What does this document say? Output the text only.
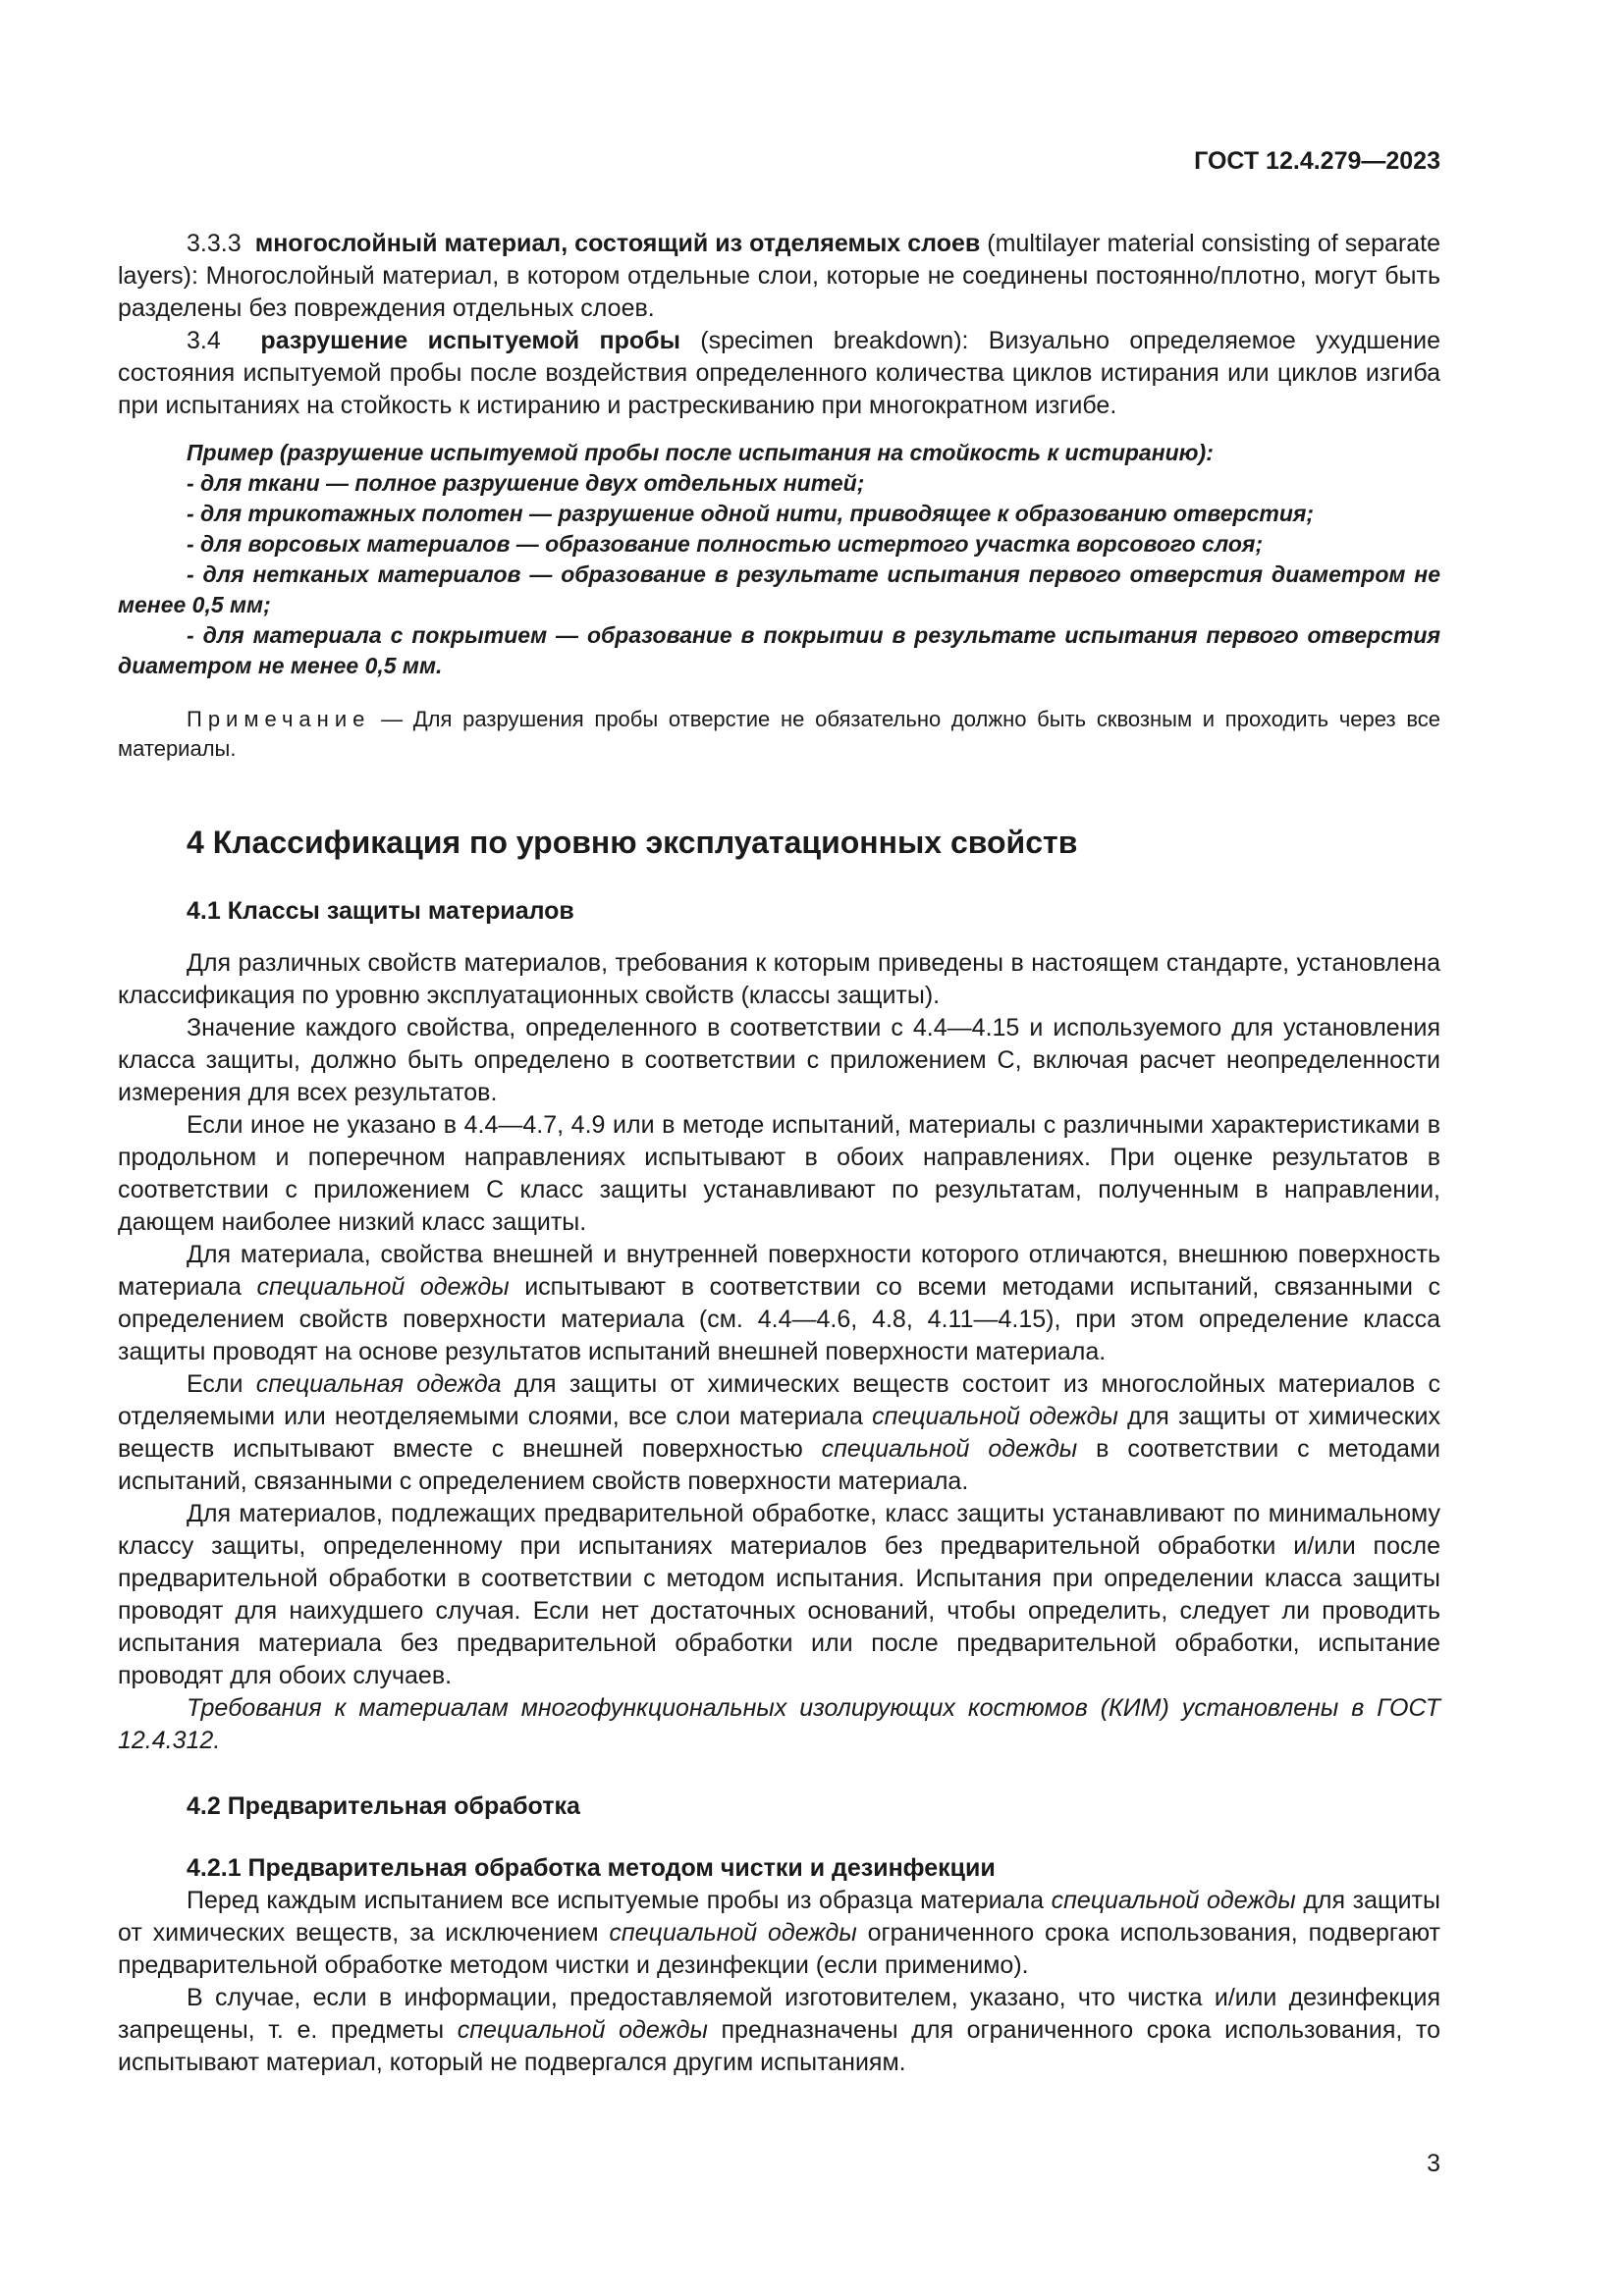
ГОСТ 12.4.279—2023

3.3.3 многослойный материал, состоящий из отделяемых слоев (multilayer material consisting of separate layers): Многослойный материал, в котором отдельные слои, которые не соединены постоянно/плотно, могут быть разделены без повреждения отдельных слоев.

3.4 разрушение испытуемой пробы (specimen breakdown): Визуально определяемое ухудшение состояния испытуемой пробы после воздействия определенного количества циклов истирания или циклов изгиба при испытаниях на стойкость к истиранию и растрескиванию при многократном изгибе.

Пример (разрушение испытуемой пробы после испытания на стойкость к истиранию):

- для ткани — полное разрушение двух отдельных нитей;

- для трикотажных полотен — разрушение одной нити, приводящее к образованию отверстия;

- для ворсовых материалов — образование полностью истертого участка ворсового слоя;

- для нетканых материалов — образование в результате испытания первого отверстия диаметром не менее 0,5 мм;

- для материала с покрытием — образование в покрытии в результате испытания первого отверстия диаметром не менее 0,5 мм.

Примечание — Для разрушения пробы отверстие не обязательно должно быть сквозным и проходить через все материалы.

4 Классификация по уровню эксплуатационных свойств
4.1 Классы защиты материалов

Для различных свойств материалов, требования к которым приведены в настоящем стандарте, установлена классификация по уровню эксплуатационных свойств (классы защиты).

Значение каждого свойства, определенного в соответствии с 4.4—4.15 и используемого для установления класса защиты, должно быть определено в соответствии с приложением С, включая расчет неопределенности измерения для всех результатов.

Если иное не указано в 4.4—4.7, 4.9 или в методе испытаний, материалы с различными характеристиками в продольном и поперечном направлениях испытывают в обоих направлениях. При оценке результатов в соответствии с приложением С класс защиты устанавливают по результатам, полученным в направлении, дающем наиболее низкий класс защиты.

Для материала, свойства внешней и внутренней поверхности которого отличаются, внешнюю поверхность материала специальной одежды испытывают в соответствии со всеми методами испытаний, связанными с определением свойств поверхности материала (см. 4.4—4.6, 4.8, 4.11—4.15), при этом определение класса защиты проводят на основе результатов испытаний внешней поверхности материала.

Если специальная одежда для защиты от химических веществ состоит из многослойных материалов с отделяемыми или неотделяемыми слоями, все слои материала специальной одежды для защиты от химических веществ испытывают вместе с внешней поверхностью специальной одежды в соответствии с методами испытаний, связанными с определением свойств поверхности материала.

Для материалов, подлежащих предварительной обработке, класс защиты устанавливают по минимальному классу защиты, определенному при испытаниях материалов без предварительной обработки и/или после предварительной обработки в соответствии с методом испытания. Испытания при определении класса защиты проводят для наихудшего случая. Если нет достаточных оснований, чтобы определить, следует ли проводить испытания материала без предварительной обработки или после предварительной обработки, испытание проводят для обоих случаев.

Требования к материалам многофункциональных изолирующих костюмов (КИМ) установлены в ГОСТ 12.4.312.

4.2 Предварительная обработка
4.2.1 Предварительная обработка методом чистки и дезинфекции

Перед каждым испытанием все испытуемые пробы из образца материала специальной одежды для защиты от химических веществ, за исключением специальной одежды ограниченного срока использования, подвергают предварительной обработке методом чистки и дезинфекции (если применимо).

В случае, если в информации, предоставляемой изготовителем, указано, что чистка и/или дезинфекция запрещены, т. е. предметы специальной одежды предназначены для ограниченного срока использования, то испытывают материал, который не подвергался другим испытаниям.

3
